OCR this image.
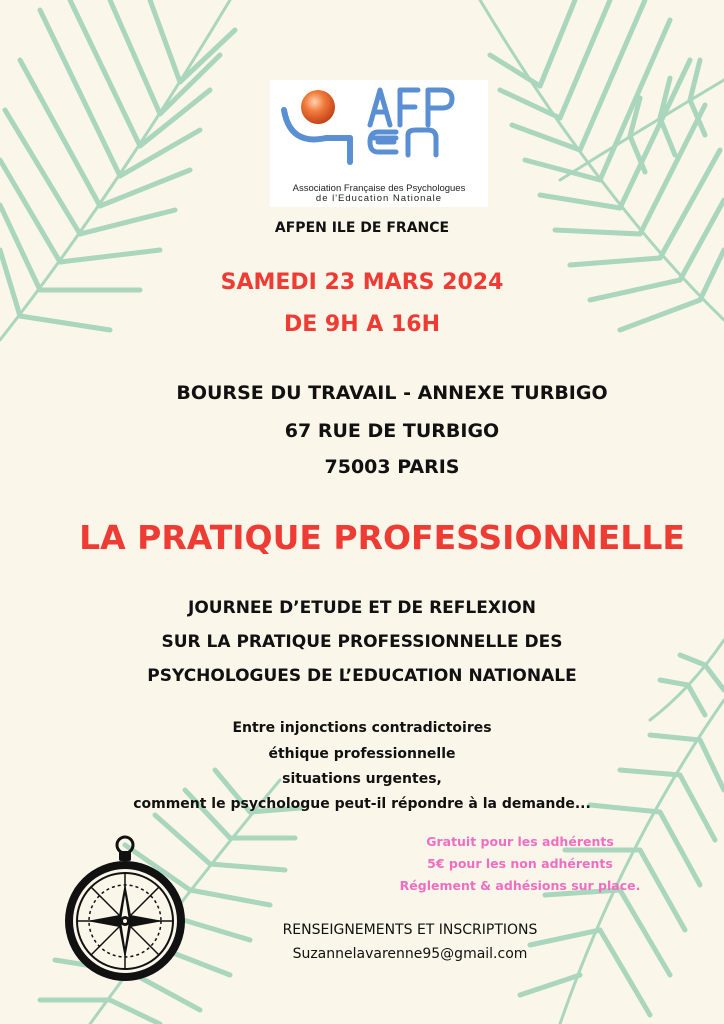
Association Française des Psychologues
de l'Education Nationale
AFPEN ILE DE FRANCE
SAMEDI 23 MARS 2024
DE 9H A 16H
BOURSE DU TRAVAIL - ANNEXE TURBIGO
67 RUE DE TURBIGO
75003 PARIS
LA PRATIQUE PROFESSIONNELLE
JOURNEE D’ETUDE ET DE REFLEXION
SUR LA PRATIQUE PROFESSIONNELLE DES
PSYCHOLOGUES DE L’EDUCATION NATIONALE
Entre injonctions contradictoires
éthique professionnelle
situations urgentes,
comment le psychologue peut-il répondre à la demande...
Gratuit pour les adhérents
5€ pour les non adhérents
Réglement & adhésions sur place.
RENSEIGNEMENTS ET INSCRIPTIONS
Suzannelavarenne95@gmail.com
